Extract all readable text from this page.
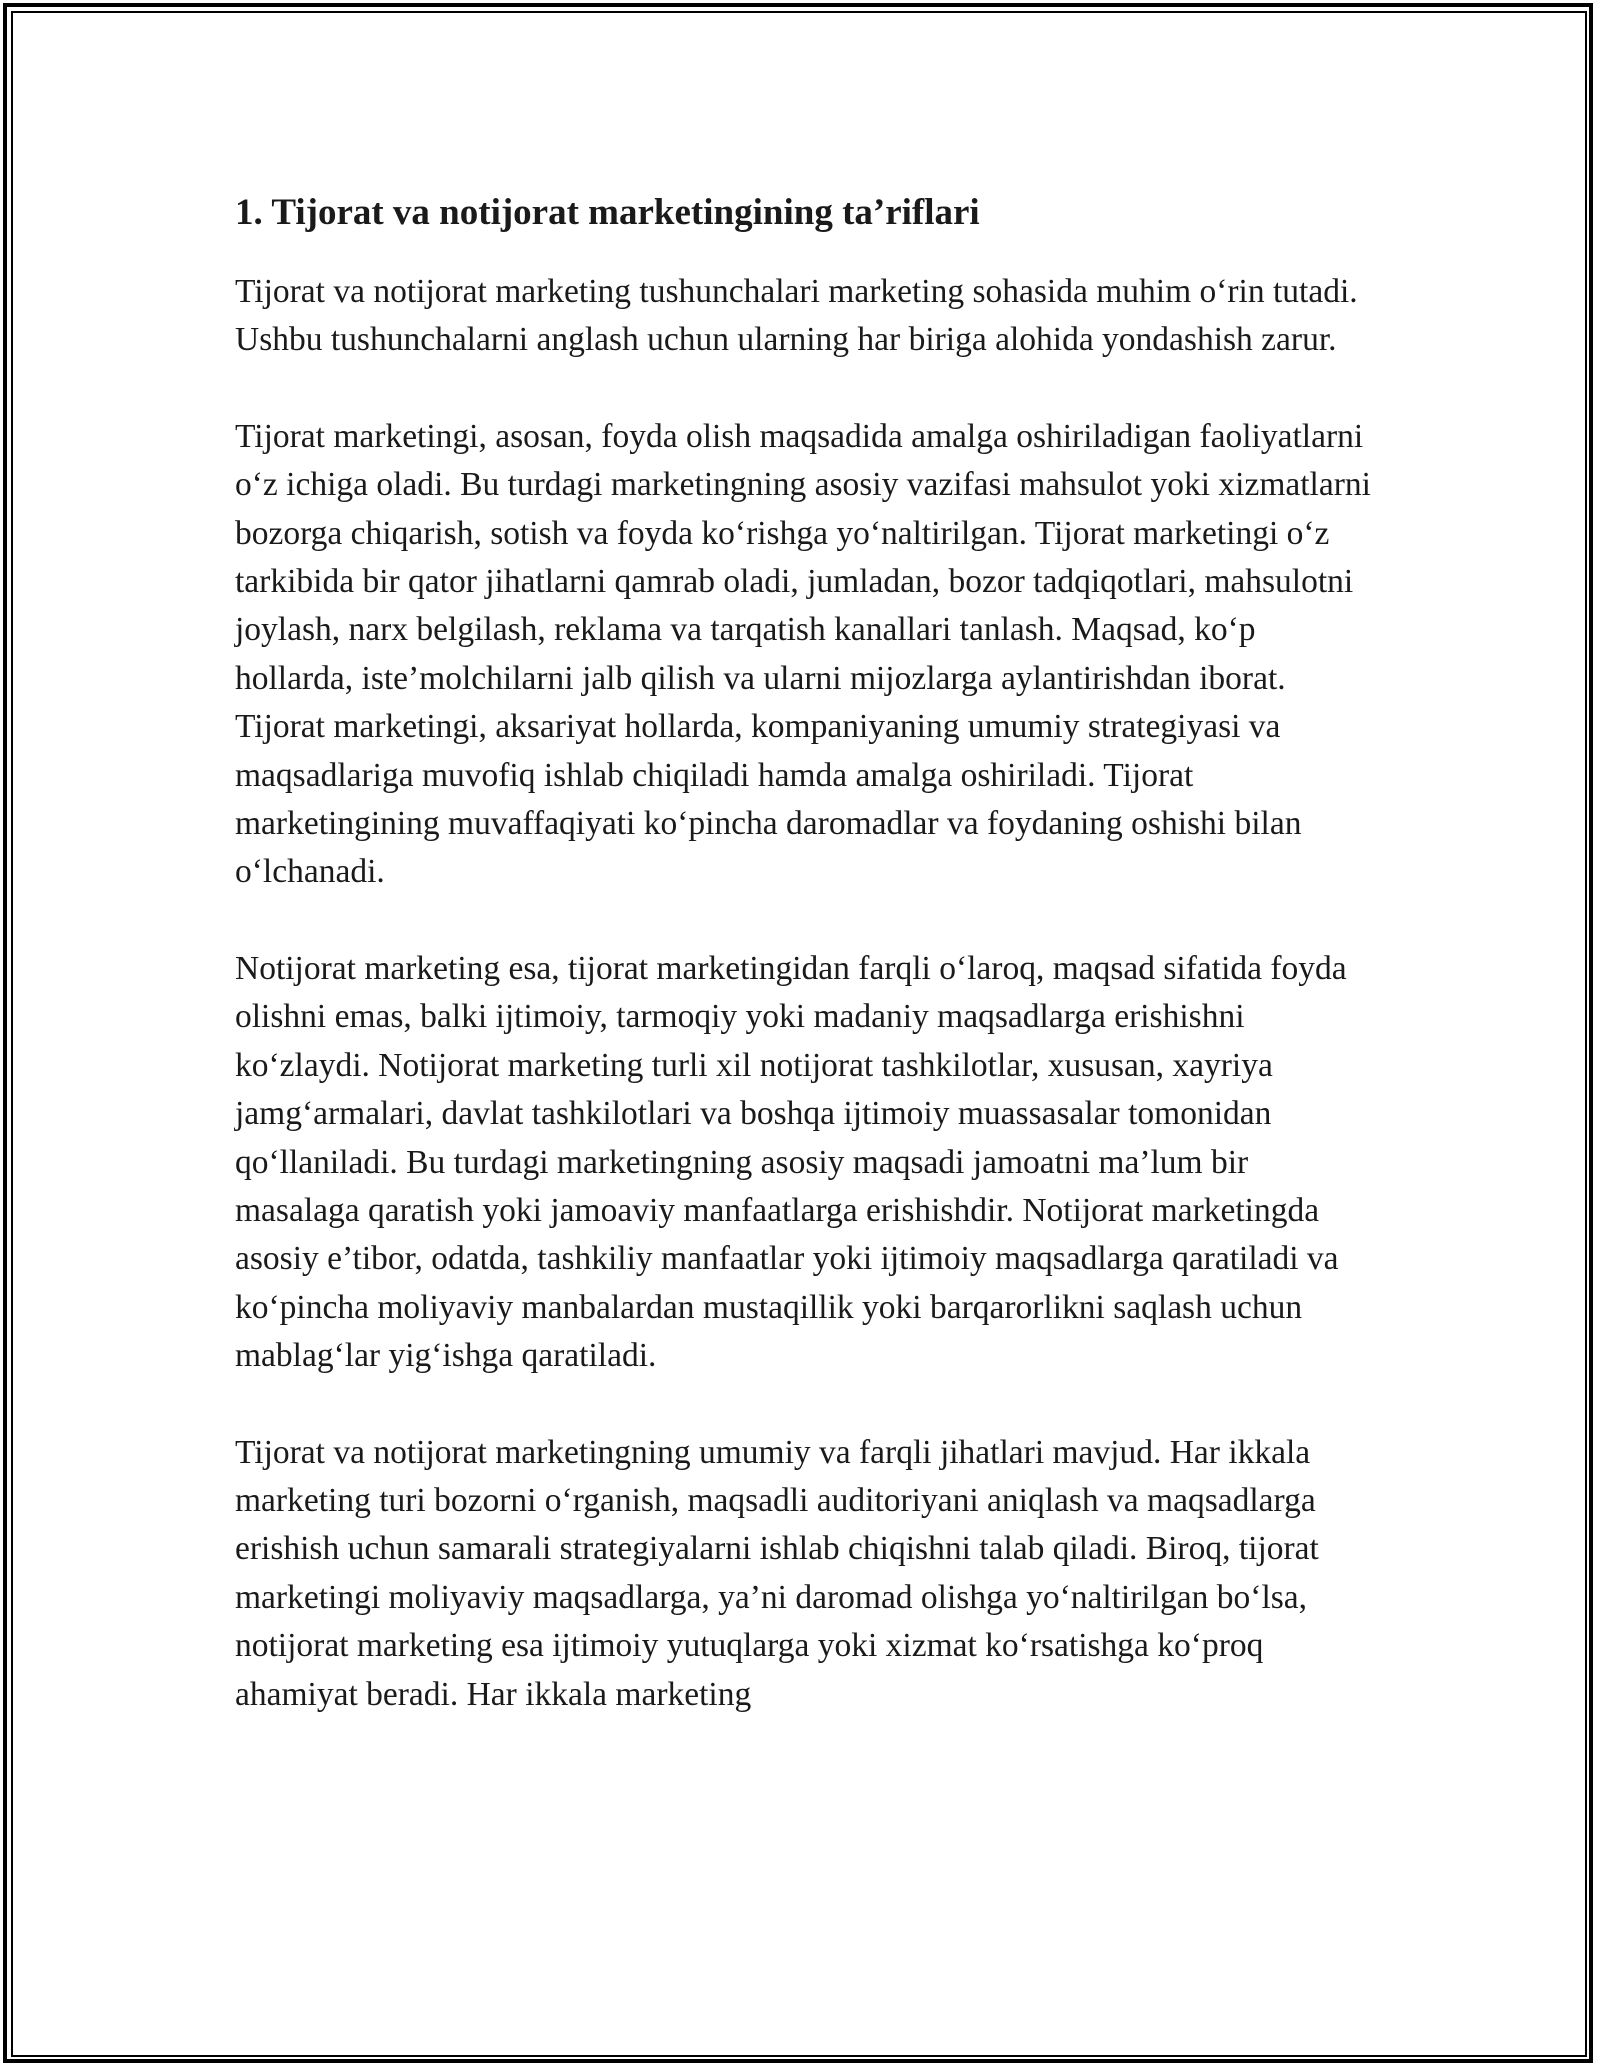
1. Tijorat va notijorat marketingining ta’riflari

Tijorat va notijorat marketing tushunchalari marketing sohasida muhim o‘rin tutadi. Ushbu tushunchalarni anglash uchun ularning har biriga alohida yondashish zarur.

Tijorat marketingi, asosan, foyda olish maqsadida amalga oshiriladigan faoliyatlarni o‘z ichiga oladi. Bu turdagi marketingning asosiy vazifasi mahsulot yoki xizmatlarni bozorga chiqarish, sotish va foyda ko‘rishga yo‘naltirilgan. Tijorat marketingi o‘z tarkibida bir qator jihatlarni qamrab oladi, jumladan, bozor tadqiqotlari, mahsulotni joylash, narx belgilash, reklama va tarqatish kanallari tanlash. Maqsad, ko‘p hollarda, iste’molchilarni jalb qilish va ularni mijozlarga aylantirishdan iborat. Tijorat marketingi, aksariyat hollarda, kompaniyaning umumiy strategiyasi va maqsadlariga muvofiq ishlab chiqiladi hamda amalga oshiriladi. Tijorat marketingining muvaffaqiyati ko‘pincha daromadlar va foydaning oshishi bilan o‘lchanadi.

Notijorat marketing esa, tijorat marketingidan farqli o‘laroq, maqsad sifatida foyda olishni emas, balki ijtimoiy, tarmoqiy yoki madaniy maqsadlarga erishishni ko‘zlaydi. Notijorat marketing turli xil notijorat tashkilotlar, xususan, xayriya jamg‘armalari, davlat tashkilotlari va boshqa ijtimoiy muassasalar tomonidan qo‘llaniladi. Bu turdagi marketingning asosiy maqsadi jamoatni ma’lum bir masalaga qaratish yoki jamoaviy manfaatlarga erishishdir. Notijorat marketingda asosiy e’tibor, odatda, tashkiliy manfaatlar yoki ijtimoiy maqsadlarga qaratiladi va ko‘pincha moliyaviy manbalardan mustaqillik yoki barqarorlikni saqlash uchun mablag‘lar yig‘ishga qaratiladi.

Tijorat va notijorat marketingning umumiy va farqli jihatlari mavjud. Har ikkala marketing turi bozorni o‘rganish, maqsadli auditoriyani aniqlash va maqsadlarga erishish uchun samarali strategiyalarni ishlab chiqishni talab qiladi. Biroq, tijorat marketingi moliyaviy maqsadlarga, ya’ni daromad olishga yo‘naltirilgan bo‘lsa, notijorat marketing esa ijtimoiy yutuqlarga yoki xizmat ko‘rsatishga ko‘proq ahamiyat beradi. Har ikkala marketing
